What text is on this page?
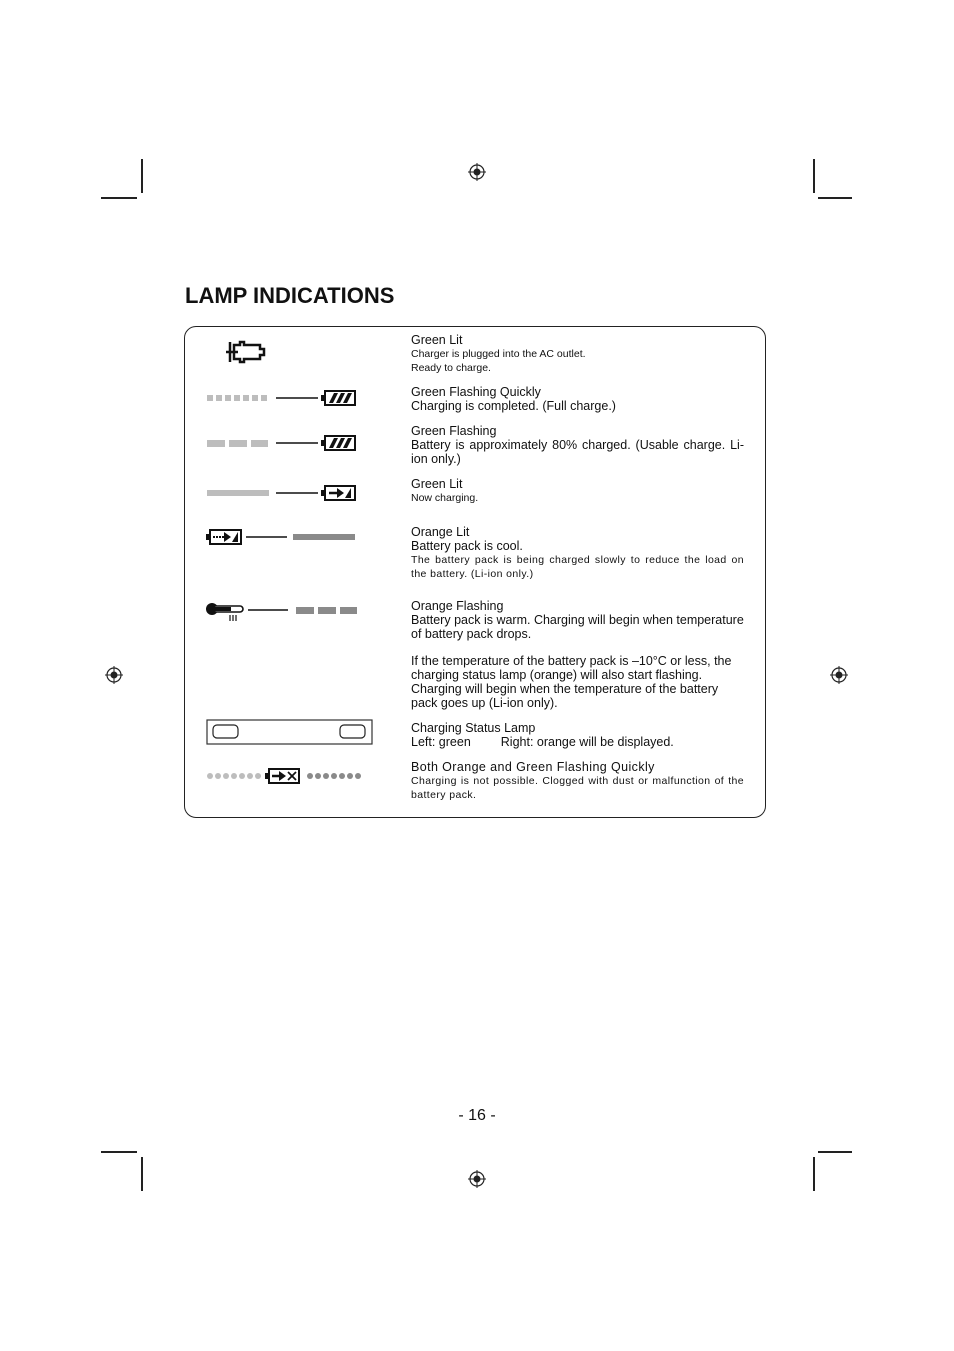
LAMP INDICATIONS
Green Lit
Charger is plugged into the AC outlet.
Ready to charge.
Green Flashing Quickly
Charging is completed. (Full charge.)
Green Flashing
Battery is approximately 80% charged. (Usable charge. Li-ion only.)
Green Lit
Now charging.
Orange Lit
Battery pack is cool.
The battery pack is being charged slowly to reduce the load on the battery. (Li-ion only.)
Orange Flashing
Battery pack is warm. Charging will begin when temperature of battery pack drops.
If the temperature of the battery pack is –10°C or less, the charging status lamp (orange) will also start flashing. Charging will begin when the temperature of the battery pack goes up (Li-ion only).
Charging Status Lamp
Left: green Right: orange will be displayed.
Both Orange and Green Flashing Quickly
Charging is not possible. Clogged with dust or malfunction of the battery pack.
- 16 -
